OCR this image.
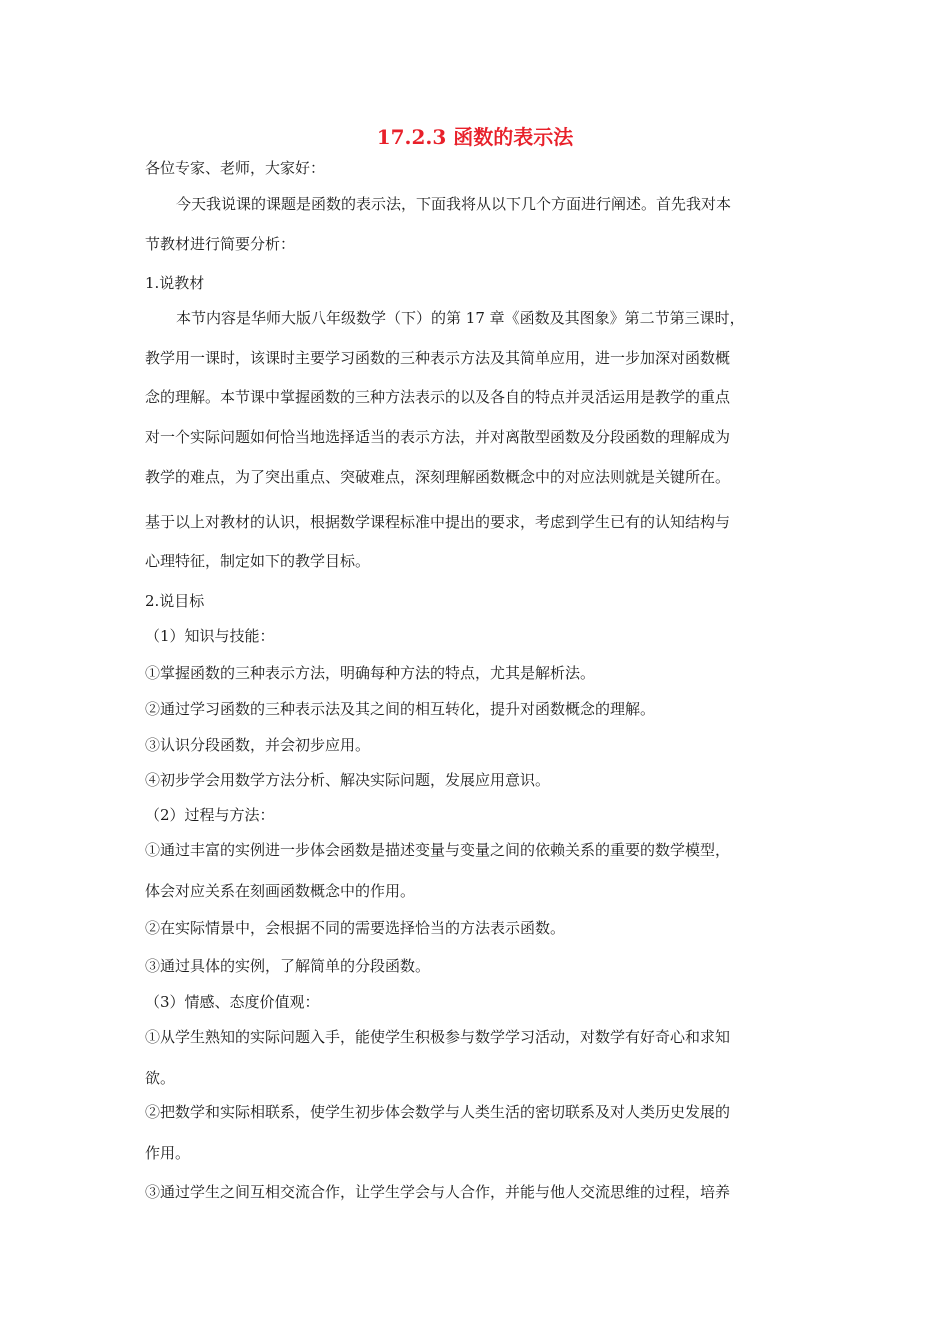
17.2.3 函数的表示法
各位专家、老师，大家好：
今天我说课的课题是函数的表示法，下面我将从以下几个方面进行阐述。首先我对本
节教材进行简要分析：
1.说教材
本节内容是华师大版八年级数学（下）的第 17 章《函数及其图象》第二节第三课时，
教学用一课时，该课时主要学习函数的三种表示方法及其简单应用，进一步加深对函数概
念的理解。本节课中掌握函数的三种方法表示的以及各自的特点并灵活运用是教学的重点
对一个实际问题如何恰当地选择适当的表示方法，并对离散型函数及分段函数的理解成为
教学的难点，为了突出重点、突破难点，深刻理解函数概念中的对应法则就是关键所在。
基于以上对教材的认识，根据数学课程标准中提出的要求，考虑到学生已有的认知结构与
心理特征，制定如下的教学目标。
2.说目标
（1）知识与技能：
①掌握函数的三种表示方法，明确每种方法的特点，尤其是解析法。
②通过学习函数的三种表示法及其之间的相互转化，提升对函数概念的理解。
③认识分段函数，并会初步应用。
④初步学会用数学方法分析、解决实际问题，发展应用意识。
（2）过程与方法：
①通过丰富的实例进一步体会函数是描述变量与变量之间的依赖关系的重要的数学模型，
体会对应关系在刻画函数概念中的作用。
②在实际情景中，会根据不同的需要选择恰当的方法表示函数。
③通过具体的实例，了解简单的分段函数。
（3）情感、态度价值观：
①从学生熟知的实际问题入手，能使学生积极参与数学学习活动，对数学有好奇心和求知
欲。
②把数学和实际相联系，使学生初步体会数学与人类生活的密切联系及对人类历史发展的
作用。
③通过学生之间互相交流合作，让学生学会与人合作，并能与他人交流思维的过程，培养
